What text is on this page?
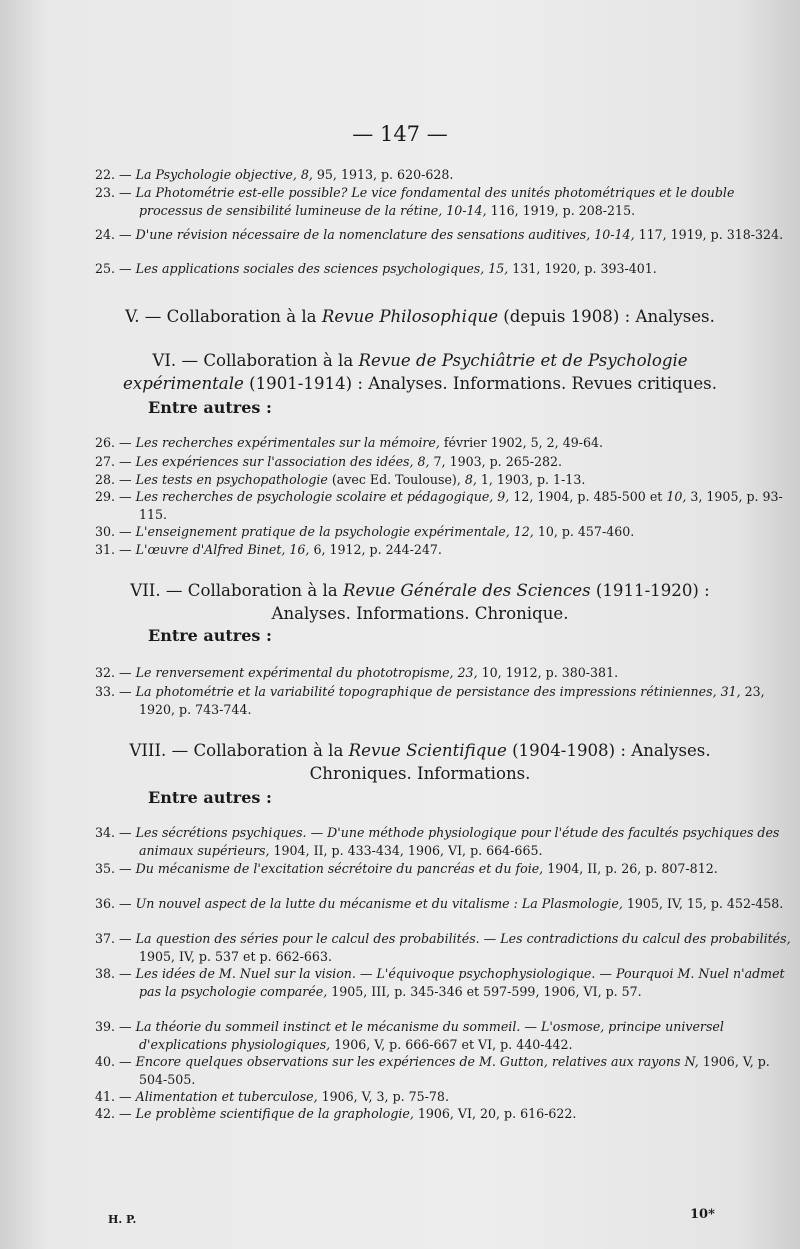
— 147 —
22. — La Psychologie objective, 8, 95, 1913, p. 620-628.
23. — La Photométrie est-elle possible? Le vice fondamental des unités photométriques et le double processus de sensibilité lumineuse de la rétine, 10-14, 116, 1919, p. 208-215.
24. — D'une révision nécessaire de la nomenclature des sensations auditives, 10-14, 117, 1919, p. 318-324.
25. — Les applications sociales des sciences psychologiques, 15, 131, 1920, p. 393-401.
V. — Collaboration à la Revue Philosophique (depuis 1908) : Analyses.
VI. — Collaboration à la Revue de Psychiâtrie et de Psychologie expérimentale (1901-1914) : Analyses. Informations. Revues critiques.
Entre autres :
26. — Les recherches expérimentales sur la mémoire, février 1902, 5, 2, 49-64.
27. — Les expériences sur l'association des idées, 8, 7, 1903, p. 265-282.
28. — Les tests en psychopathologie (avec Ed. Toulouse), 8, 1, 1903, p. 1-13.
29. — Les recherches de psychologie scolaire et pédagogique, 9, 12, 1904, p. 485-500 et 10, 3, 1905, p. 93-115.
30. — L'enseignement pratique de la psychologie expérimentale, 12, 10, p. 457-460.
31. — L'œuvre d'Alfred Binet, 16, 6, 1912, p. 244-247.
VII. — Collaboration à la Revue Générale des Sciences (1911-1920) : Analyses. Informations. Chronique.
Entre autres :
32. — Le renversement expérimental du phototropisme, 23, 10, 1912, p. 380-381.
33. — La photométrie et la variabilité topographique de persistance des impressions rétiniennes, 31, 23, 1920, p. 743-744.
VIII. — Collaboration à la Revue Scientifique (1904-1908) : Analyses. Chroniques. Informations.
Entre autres :
34. — Les sécrétions psychiques. — D'une méthode physiologique pour l'étude des facultés psychiques des animaux supérieurs, 1904, II, p. 433-434, 1906, VI, p. 664-665.
35. — Du mécanisme de l'excitation sécrétoire du pancréas et du foie, 1904, II, p. 26, p. 807-812.
36. — Un nouvel aspect de la lutte du mécanisme et du vitalisme : La Plasmologie, 1905, IV, 15, p. 452-458.
37. — La question des séries pour le calcul des probabilités. — Les contradictions du calcul des probabilités, 1905, IV, p. 537 et p. 662-663.
38. — Les idées de M. Nuel sur la vision. — L'équivoque psychophysiologique. — Pourquoi M. Nuel n'admet pas la psychologie comparée, 1905, III, p. 345-346 et 597-599, 1906, VI, p. 57.
39. — La théorie du sommeil instinct et le mécanisme du sommeil. — L'osmose, principe universel d'explications physiologiques, 1906, V, p. 666-667 et VI, p. 440-442.
40. — Encore quelques observations sur les expériences de M. Gutton, relatives aux rayons N, 1906, V, p. 504-505.
41. — Alimentation et tuberculose, 1906, V, 3, p. 75-78.
42. — Le problème scientifique de la graphologie, 1906, VI, 20, p. 616-622.
H. P.	10*
